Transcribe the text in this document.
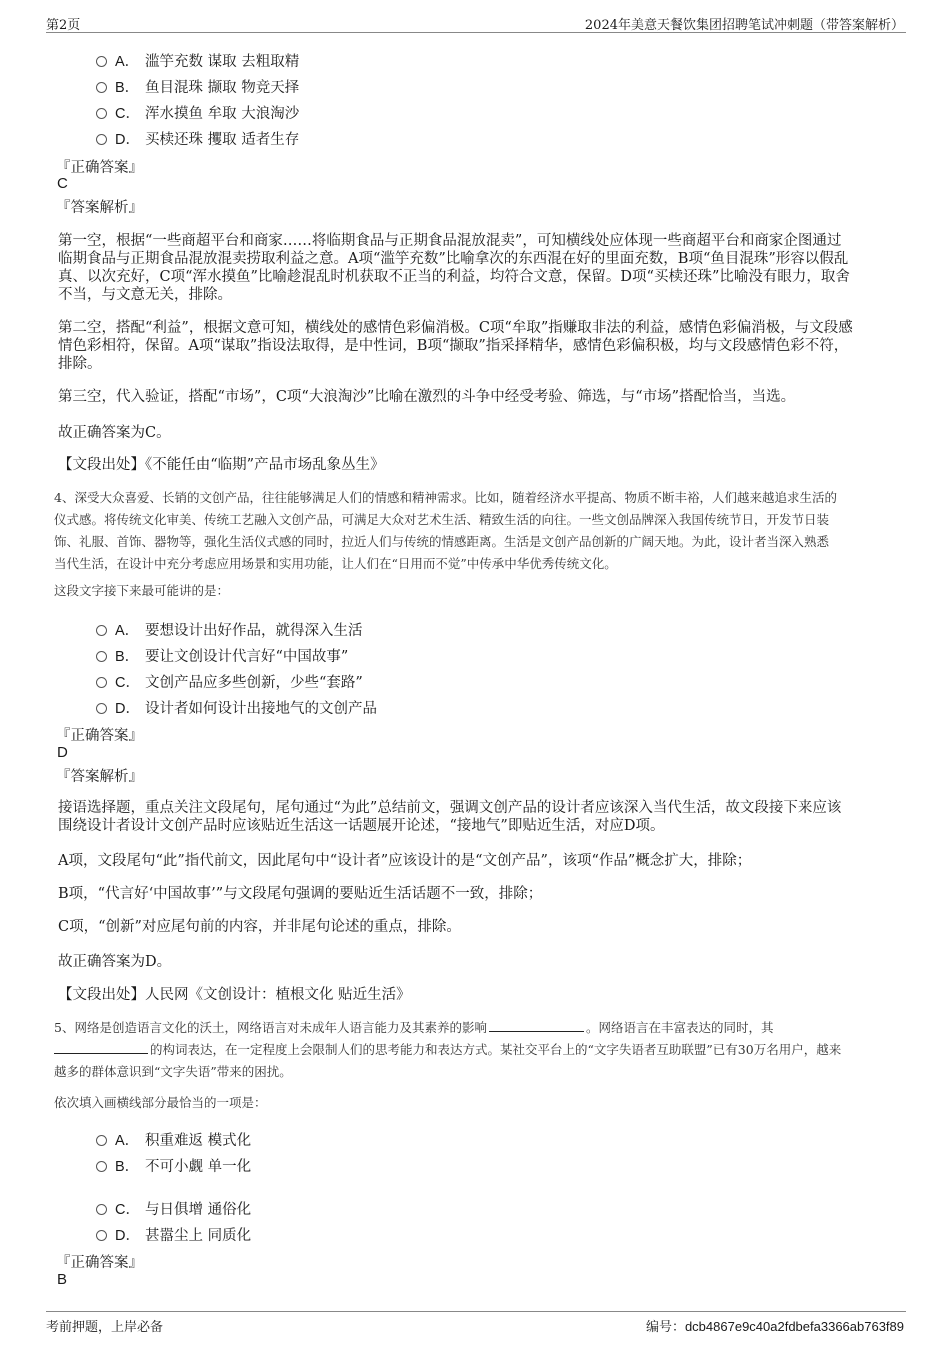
第2页	2024年美意天餐饮集团招聘笔试冲刺题（带答案解析）
A． 滥竽充数 谋取 去粗取精
B． 鱼目混珠 撷取 物竞天择
C． 浑水摸鱼 牟取 大浪淘沙
D． 买椟还珠 攫取 适者生存
『正确答案』
C
『答案解析』
第一空，根据“一些商超平台和商家……将临期食品与正期食品混放混卖”，可知横线处应体现一些商超平台和商家企图通过
临期食品与正期食品混放混卖捞取利益之意。A项“滥竽充数”比喻拿次的东西混在好的里面充数，B项“鱼目混珠”形容以假乱
真、以次充好，C项“浑水摸鱼”比喻趁混乱时机获取不正当的利益，均符合文意，保留。D项“买椟还珠”比喻没有眼力，取舍
不当，与文意无关，排除。
第二空，搭配“利益”，根据文意可知，横线处的感情色彩偏消极。C项“牟取”指赚取非法的利益，感情色彩偏消极，与文段感
情色彩相符，保留。A项“谋取”指设法取得，是中性词，B项“撷取”指采择精华，感情色彩偏积极，均与文段感情色彩不符，
排除。
第三空，代入验证，搭配“市场”，C项“大浪淘沙”比喻在激烈的斗争中经受考验、筛选，与“市场”搭配恰当，当选。
故正确答案为C。
【文段出处】《不能任由“临期”产品市场乱象丛生》
4、深受大众喜爱、长销的文创产品，往往能够满足人们的情感和精神需求。比如，随着经济水平提高、物质不断丰裕，人们越来越追求生活的
仪式感。将传统文化审美、传统工艺融入文创产品，可满足大众对艺术生活、精致生活的向往。一些文创品牌深入我国传统节日，开发节日装
饰、礼服、首饰、器物等，强化生活仪式感的同时，拉近人们与传统的情感距离。生活是文创产品创新的广阔天地。为此，设计者当深入熟悉
当代生活，在设计中充分考虑应用场景和实用功能，让人们在“日用而不觉”中传承中华优秀传统文化。
这段文字接下来最可能讲的是：
A． 要想设计出好作品，就得深入生活
B． 要让文创设计代言好“中国故事”
C． 文创产品应多些创新，少些“套路”
D． 设计者如何设计出接地气的文创产品
『正确答案』
D
『答案解析』
接语选择题，重点关注文段尾句，尾句通过“为此”总结前文，强调文创产品的设计者应该深入当代生活，故文段接下来应该
围绕设计者设计文创产品时应该贴近生活这一话题展开论述，“接地气”即贴近生活，对应D项。
A项，文段尾句“此”指代前文，因此尾句中“设计者”应该设计的是“文创产品”，该项“作品”概念扩大，排除；
B项，“代言好‘中国故事’”与文段尾句强调的要贴近生活话题不一致，排除；
C项，“创新”对应尾句前的内容，并非尾句论述的重点，排除。
故正确答案为D。
【文段出处】人民网《文创设计：植根文化 贴近生活》
5、网络是创造语言文化的沃土，网络语言对未成年人语言能力及其素养的影响	。网络语言在丰富表达的同时，其
的构词表达，在一定程度上会限制人们的思考能力和表达方式。某社交平台上的“文字失语者互助联盟”已有30万名用户，越来
越多的群体意识到“文字失语”带来的困扰。
依次填入画横线部分最恰当的一项是：
A． 积重难返 模式化
B． 不可小觑 单一化
C． 与日俱增 通俗化
D． 甚嚣尘上 同质化
『正确答案』
B
考前押题，上岸必备	编号：dcb4867e9c40a2fdbefa3366ab763f89
